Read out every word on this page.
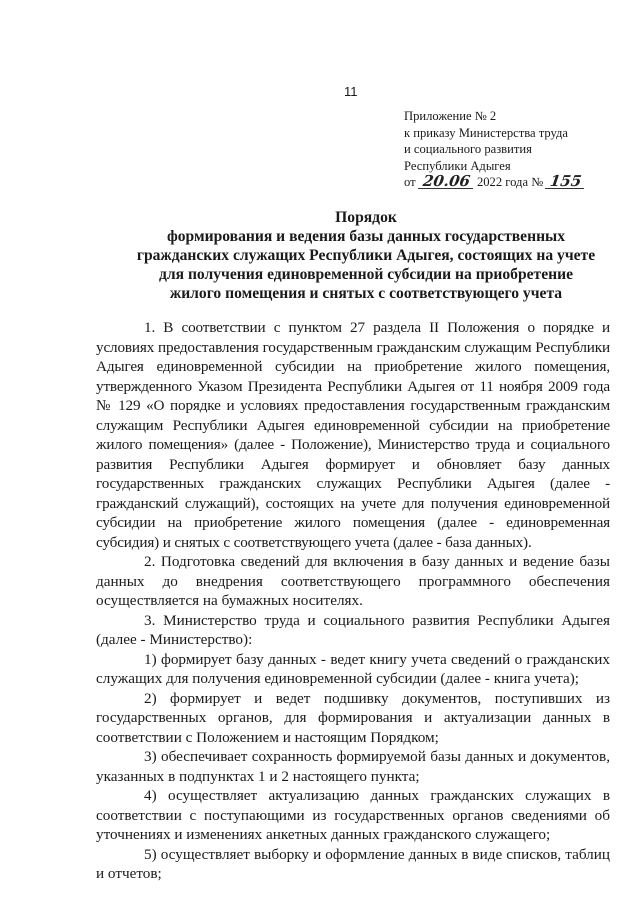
11
Приложение № 2
к приказу Министерства труда
и социального развития
Республики Адыгея
от 20.06 2022 года № 155
Порядок
формирования и ведения базы данных государственных
гражданских служащих Республики Адыгея, состоящих на учете
для получения единовременной субсидии на приобретение
жилого помещения и снятых с соответствующего учета

1. В соответствии с пунктом 27 раздела II Положения о порядке и условиях предоставления государственным гражданским служащим Республики Адыгея единовременной субсидии на приобретение жилого помещения, утвержденного Указом Президента Республики Адыгея от 11 ноября 2009 года № 129 «О порядке и условиях предоставления государственным гражданским служащим Республики Адыгея единовременной субсидии на приобретение жилого помещения» (далее - Положение), Министерство труда и социального развития Республики Адыгея формирует и обновляет базу данных государственных гражданских служащих Республики Адыгея (далее - гражданский служащий), состоящих на учете для получения единовременной субсидии на приобретение жилого помещения (далее - единовременная субсидия) и снятых с соответствующего учета (далее - база данных).

2. Подготовка сведений для включения в базу данных и ведение базы данных до внедрения соответствующего программного обеспечения осуществляется на бумажных носителях.

3. Министерство труда и социального развития Республики Адыгея (далее - Министерство):

1) формирует базу данных - ведет книгу учета сведений о гражданских служащих для получения единовременной субсидии (далее - книга учета);

2) формирует и ведет подшивку документов, поступивших из государственных органов, для формирования и актуализации данных в соответствии с Положением и настоящим Порядком;

3) обеспечивает сохранность формируемой базы данных и документов, указанных в подпунктах 1 и 2 настоящего пункта;

4) осуществляет актуализацию данных гражданских служащих в соответствии с поступающими из государственных органов сведениями об уточнениях и изменениях анкетных данных гражданского служащего;

5) осуществляет выборку и оформление данных в виде списков, таблиц и отчетов;
